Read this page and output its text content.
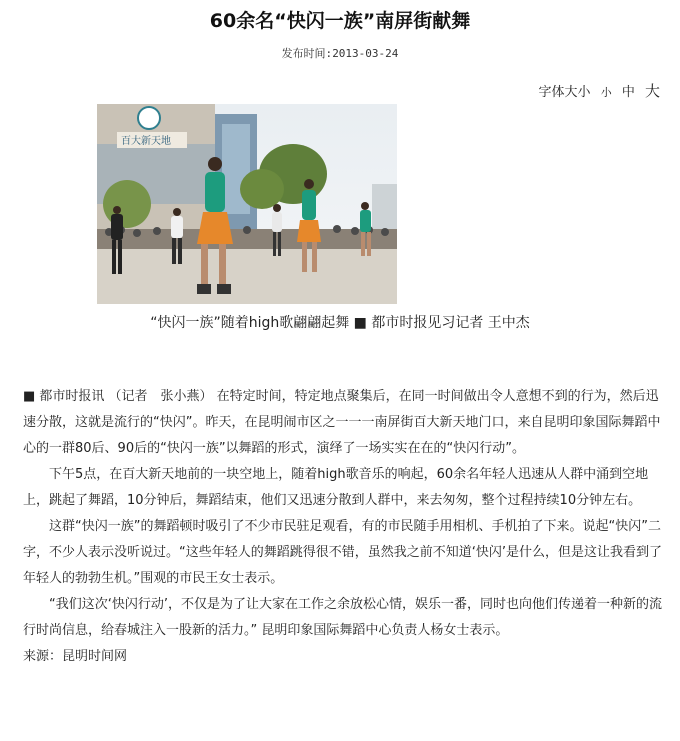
60余名“快闪一族”南屏街献舞
发布时间:2013-03-24
字体大小 小 中 大
百大新天地
“快闪一族”随着high歌翩翩起舞 ■ 都市时报见习记者 王中杰

■ 都市时报讯 （记者　张小燕） 在特定时间，特定地点聚集后，在同一时间做出令人意想不到的行为，然后迅速分散，这就是流行的“快闪”。昨天，在昆明闹市区之一一一南屏街百大新天地门口，来自昆明印象国际舞蹈中心的一群80后、90后的“快闪一族”以舞蹈的形式，演绎了一场实实在在的“快闪行动”。

下午5点，在百大新天地前的一块空地上，随着high歌音乐的响起，60余名年轻人迅速从人群中涌到空地上，跳起了舞蹈，10分钟后，舞蹈结束，他们又迅速分散到人群中，来去匆匆，整个过程持续10分钟左右。

这群“快闪一族”的舞蹈顿时吸引了不少市民驻足观看，有的市民随手用相机、手机拍了下来。说起“快闪”二字，不少人表示没听说过。“这些年轻人的舞蹈跳得很不错，虽然我之前不知道‘快闪’是什么，但是这让我看到了年轻人的勃勃生机。”围观的市民王女士表示。

“我们这次‘快闪行动’，不仅是为了让大家在工作之余放松心情，娱乐一番，同时也向他们传递着一种新的流行时尚信息，给春城注入一股新的活力。” 昆明印象国际舞蹈中心负责人杨女士表示。

来源：昆明时间网
